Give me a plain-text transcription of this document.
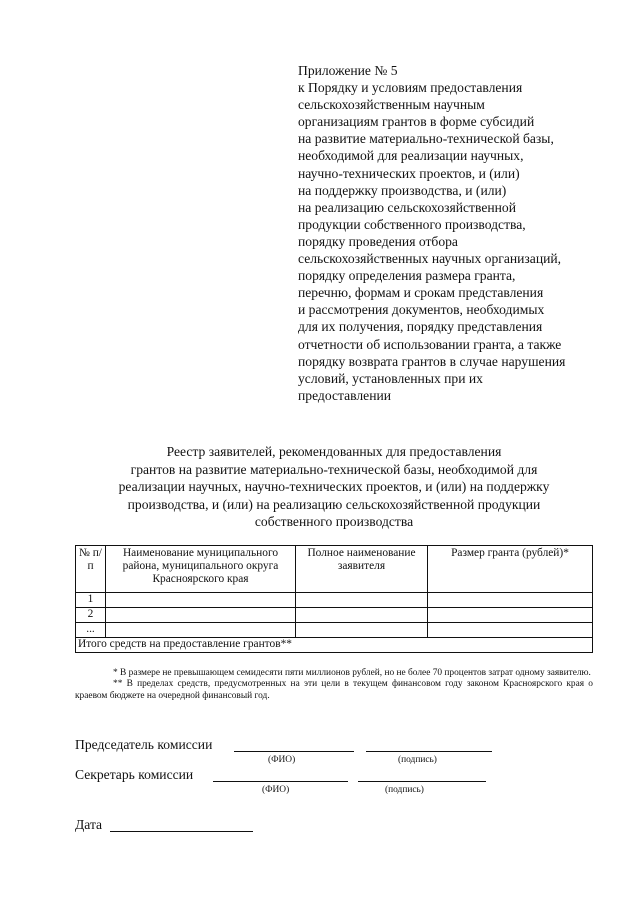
Приложение № 5
к Порядку и условиям предоставления
сельскохозяйственным научным
организациям грантов в форме субсидий
на развитие материально-технической базы,
необходимой для реализации научных,
научно-технических проектов, и (или)
на поддержку производства, и (или)
на реализацию сельскохозяйственной
продукции собственного производства,
порядку проведения отбора
сельскохозяйственных научных организаций,
порядку определения размера гранта,
перечню, формам и срокам представления
и рассмотрения документов, необходимых
для их получения, порядку представления
отчетности об использовании гранта, а также
порядку возврата грантов в случае нарушения
условий, установленных при их
предоставлении
Реестр заявителей, рекомендованных для предоставления
грантов на развитие материально-технической базы, необходимой для
реализации научных, научно-технических проектов, и (или) на поддержку
производства, и (или) на реализацию сельскохозяйственной продукции
собственного производства
№ п/п	Наименование муниципального района, муниципального округа Красноярского края	Полное наименование заявителя	Размер гранта (рублей)*
1			
2			
...			
Итого средств на предоставление грантов**			

* В размере не превышающем семидесяти пяти миллионов рублей, но не более 70 процентов затрат одному заявителю.

** В пределах средств, предусмотренных на эти цели в текущем финансовом году законом Красноярского края о краевом бюджете на очередной финансовый год.

Председатель комиссии
(ФИО)	(подпись)
Секретарь комиссии
(ФИО)	(подпись)
Дата
